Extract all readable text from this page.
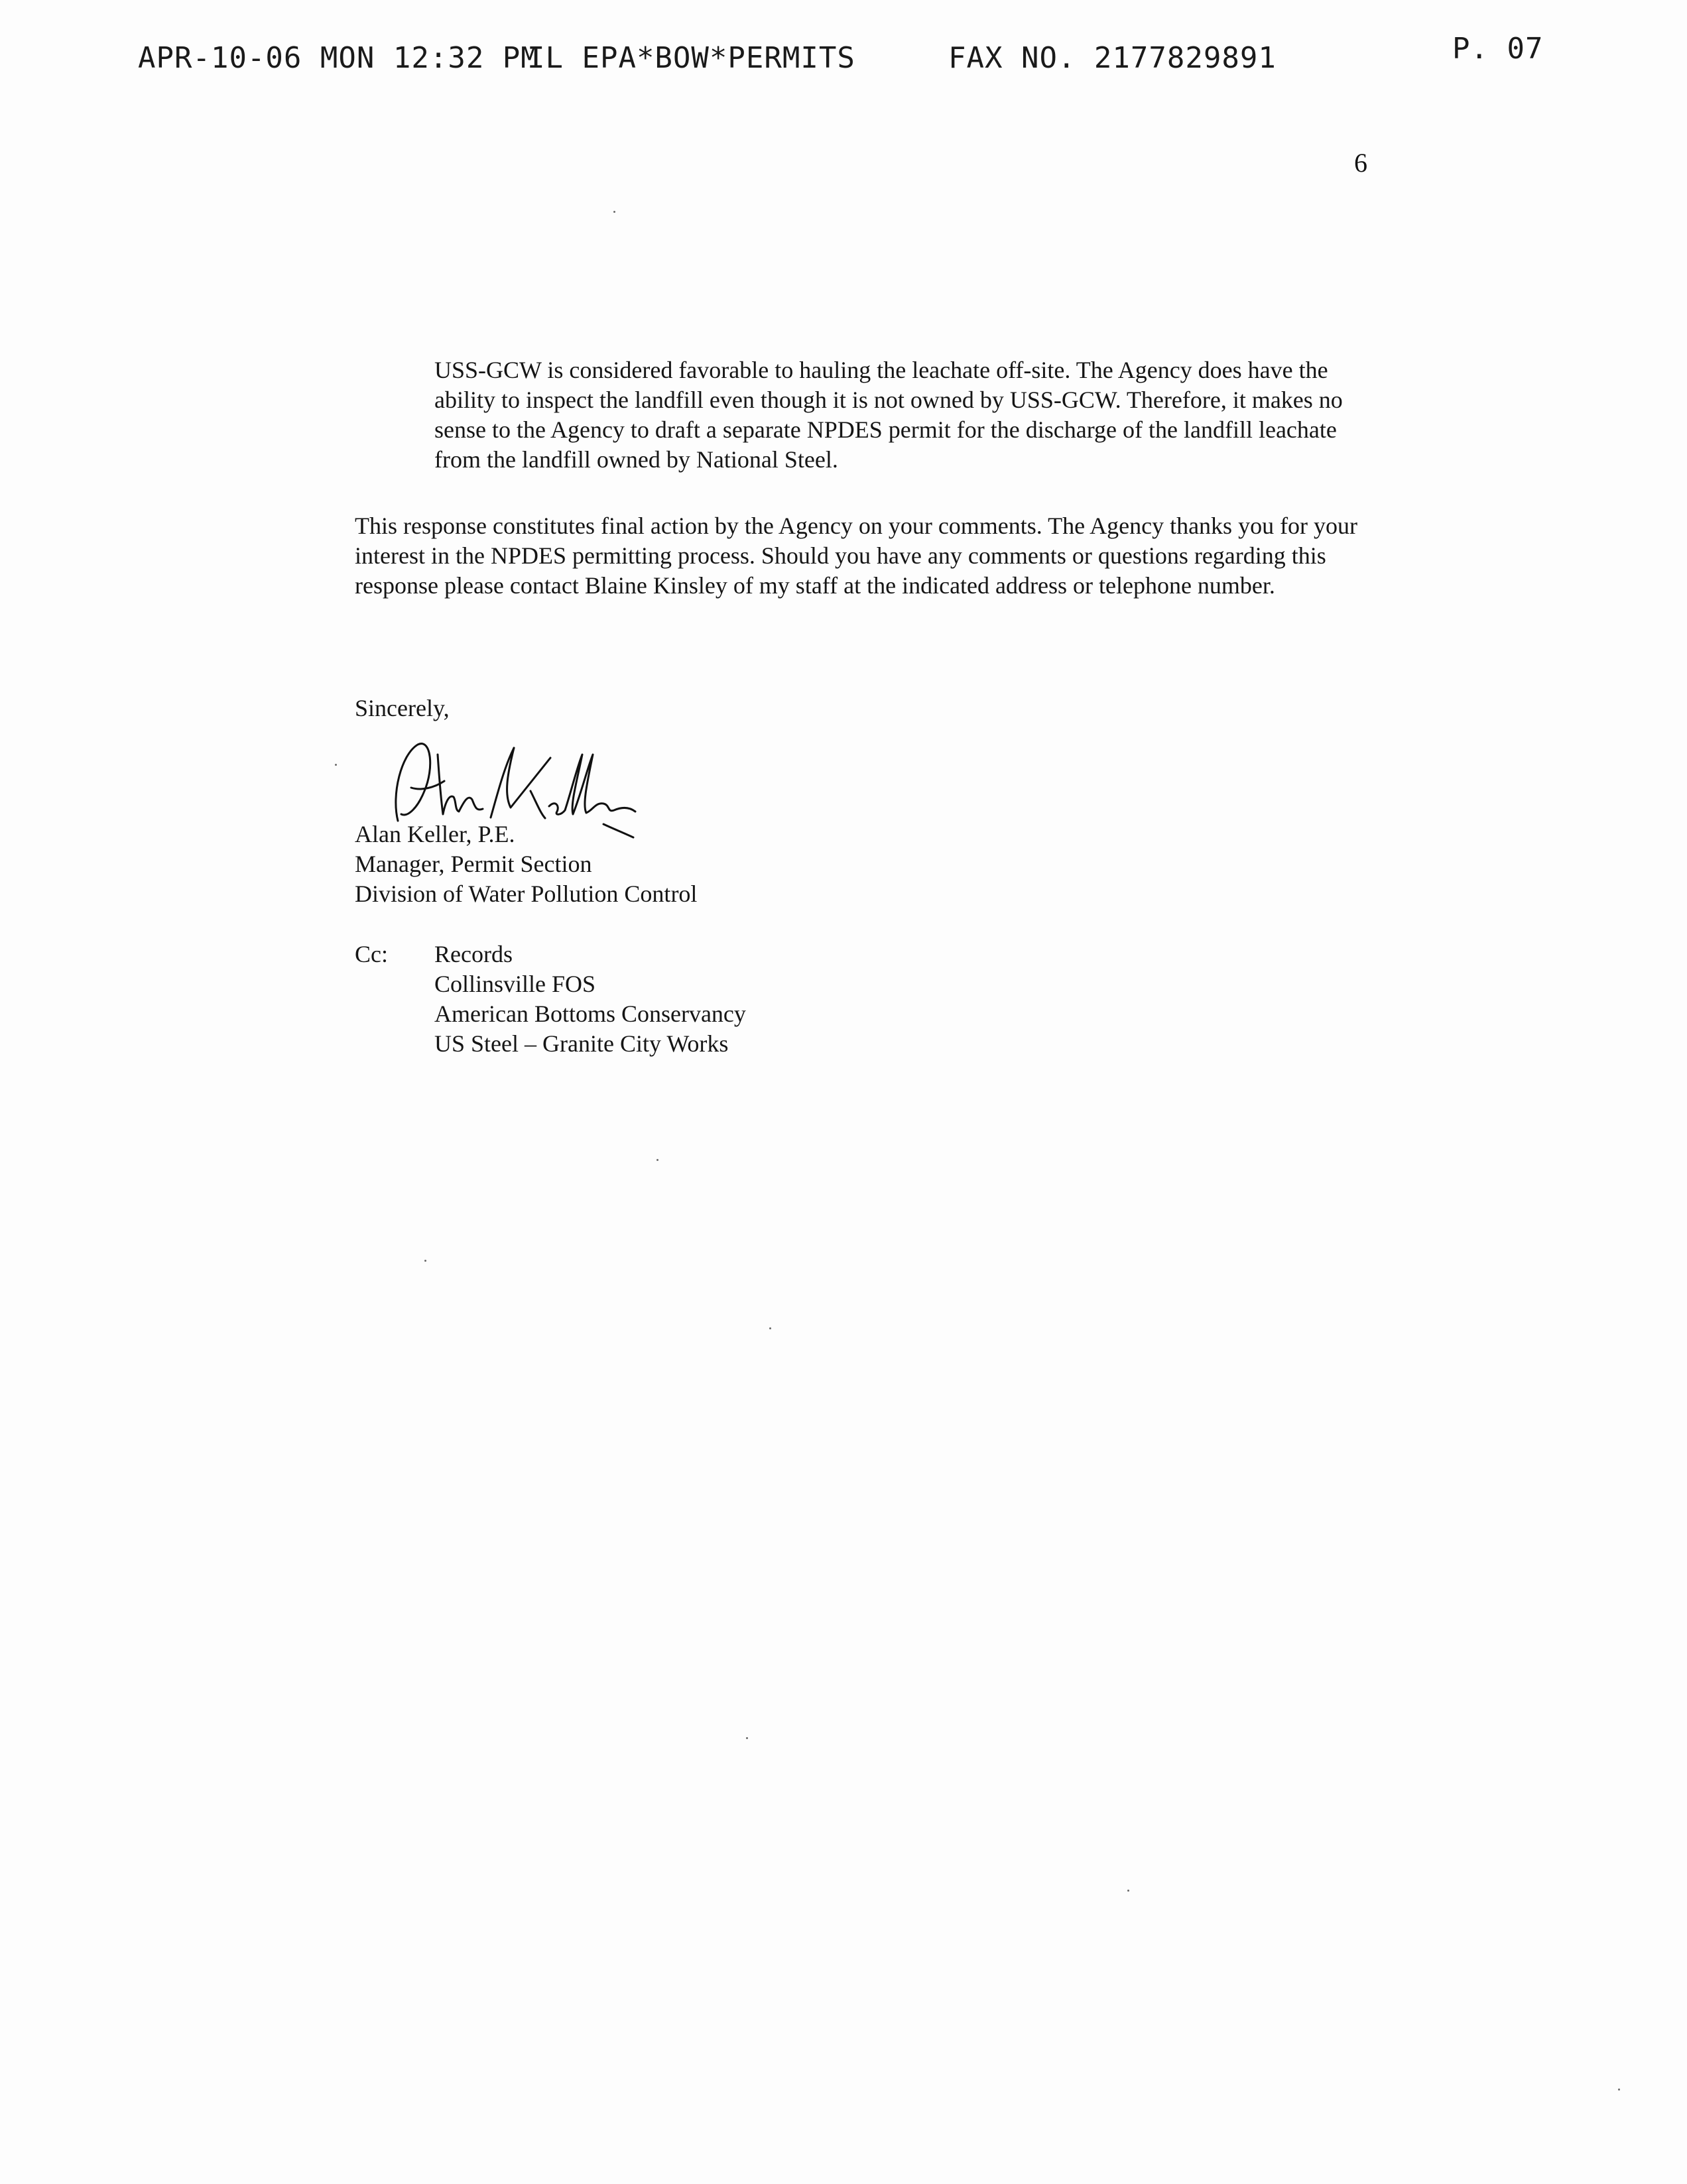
APR-10-06 MON 12:32 PM
IL EPA*BOW*PERMITS	FAX NO. 2177829891	P. 07
6
USS-GCW is considered favorable to hauling the leachate off-site. The Agency does have the ability to inspect the landfill even though it is not owned by USS-GCW. Therefore, it makes no sense to the Agency to draft a separate NPDES permit for the discharge of the landfill leachate from the landfill owned by National Steel.
This response constitutes final action by the Agency on your comments. The Agency thanks you for your interest in the NPDES permitting process. Should you have any comments or questions regarding this response please contact Blaine Kinsley of my staff at the indicated address or telephone number.
Sincerely,
Alan Keller, P.E.
Manager, Permit Section
Division of Water Pollution Control
Cc: Records
Collinsville FOS
American Bottoms Conservancy
US Steel – Granite City Works
